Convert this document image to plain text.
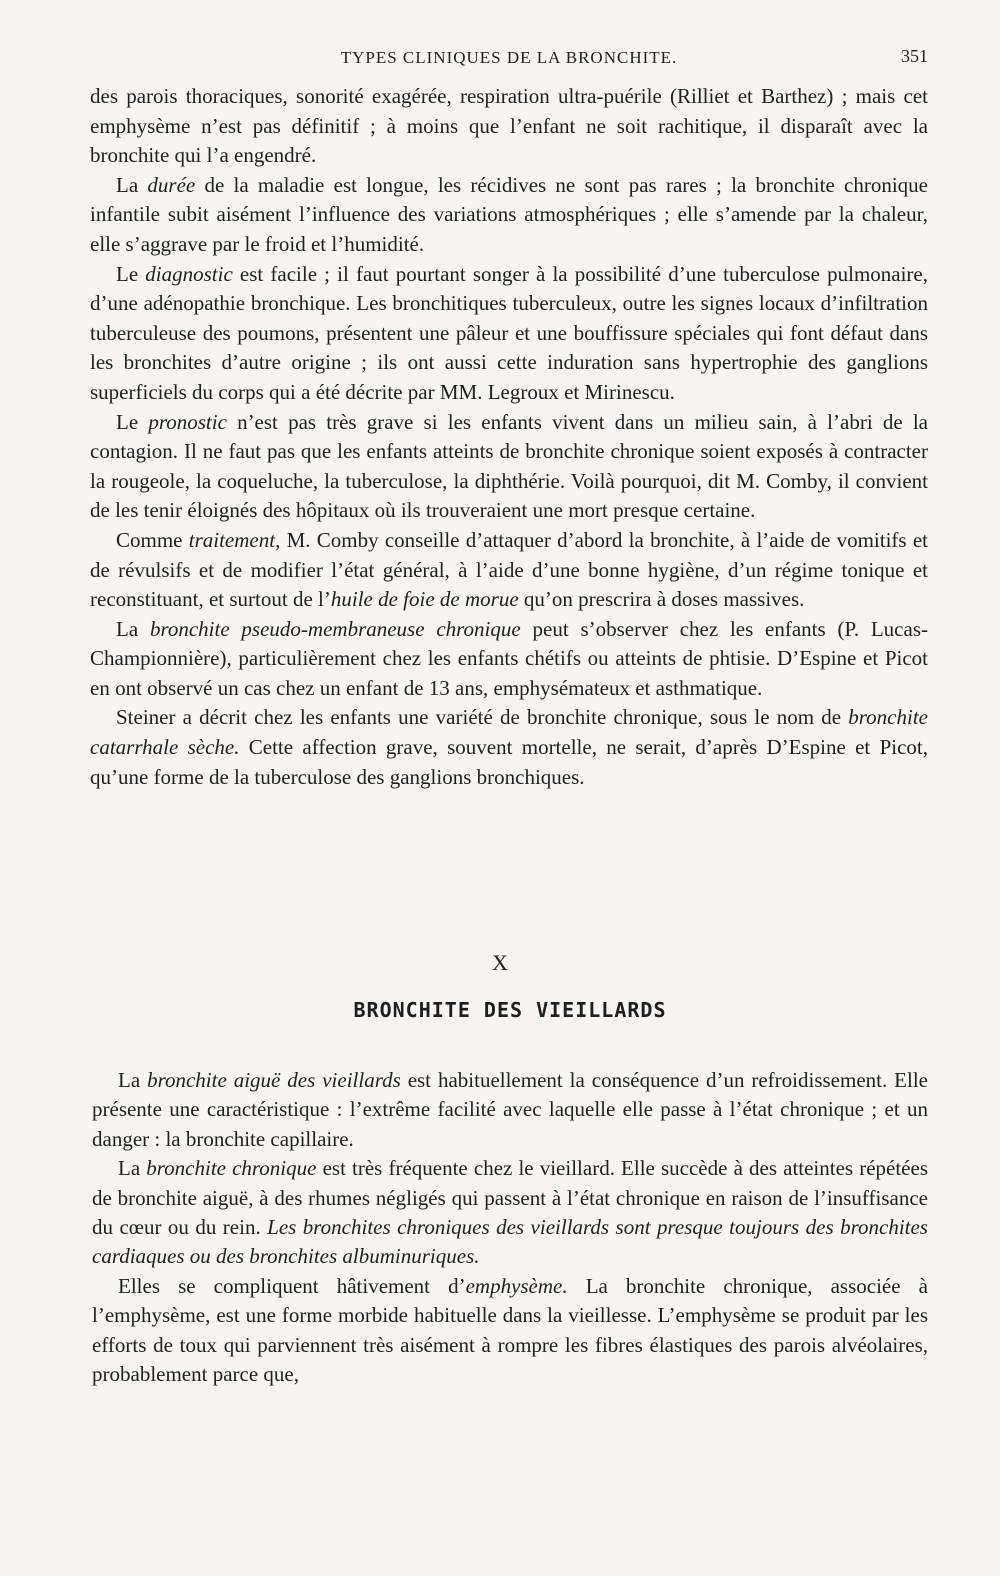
TYPES CLINIQUES DE LA BRONCHITE.	351

des parois thoraciques, sonorité exagérée, respiration ultra-puérile (Rilliet et Barthez) ; mais cet emphysème n’est pas définitif ; à moins que l’enfant ne soit rachitique, il disparaît avec la bronchite qui l’a engendré.

La durée de la maladie est longue, les récidives ne sont pas rares ; la bronchite chronique infantile subit aisément l’influence des variations atmosphériques ; elle s’amende par la chaleur, elle s’aggrave par le froid et l’humidité.

Le diagnostic est facile ; il faut pourtant songer à la possibilité d’une tuberculose pulmonaire, d’une adénopathie bronchique. Les bronchitiques tuberculeux, outre les signes locaux d’infiltration tuberculeuse des poumons, présentent une pâleur et une bouffissure spéciales qui font défaut dans les bronchites d’autre origine ; ils ont aussi cette induration sans hypertrophie des ganglions superficiels du corps qui a été décrite par MM. Legroux et Mirinescu.

Le pronostic n’est pas très grave si les enfants vivent dans un milieu sain, à l’abri de la contagion. Il ne faut pas que les enfants atteints de bronchite chronique soient exposés à contracter la rougeole, la coqueluche, la tuberculose, la diphthérie. Voilà pourquoi, dit M. Comby, il convient de les tenir éloignés des hôpitaux où ils trouveraient une mort presque certaine.

Comme traitement, M. Comby conseille d’attaquer d’abord la bronchite, à l’aide de vomitifs et de révulsifs et de modifier l’état général, à l’aide d’une bonne hygiène, d’un régime tonique et reconstituant, et surtout de l’huile de foie de morue qu’on prescrira à doses massives.

La bronchite pseudo-membraneuse chronique peut s’observer chez les enfants (P. Lucas-Championnière), particulièrement chez les enfants chétifs ou atteints de phtisie. D’Espine et Picot en ont observé un cas chez un enfant de 13 ans, emphysémateux et asthmatique.

Steiner a décrit chez les enfants une variété de bronchite chronique, sous le nom de bronchite catarrhale sèche. Cette affection grave, souvent mortelle, ne serait, d’après D’Espine et Picot, qu’une forme de la tuberculose des ganglions bronchiques.

X
BRONCHITE DES VIEILLARDS

La bronchite aiguë des vieillards est habituellement la conséquence d’un refroidissement. Elle présente une caractéristique : l’extrême facilité avec laquelle elle passe à l’état chronique ; et un danger : la bronchite capillaire.

La bronchite chronique est très fréquente chez le vieillard. Elle succède à des atteintes répétées de bronchite aiguë, à des rhumes négligés qui passent à l’état chronique en raison de l’insuffisance du cœur ou du rein. Les bronchites chroniques des vieillards sont presque toujours des bronchites cardiaques ou des bronchites albuminuriques.

Elles se compliquent hâtivement d’emphysème. La bronchite chronique, associée à l’emphysème, est une forme morbide habituelle dans la vieillesse. L’emphysème se produit par les efforts de toux qui parviennent très aisément à rompre les fibres élastiques des parois alvéolaires, probablement parce que,
